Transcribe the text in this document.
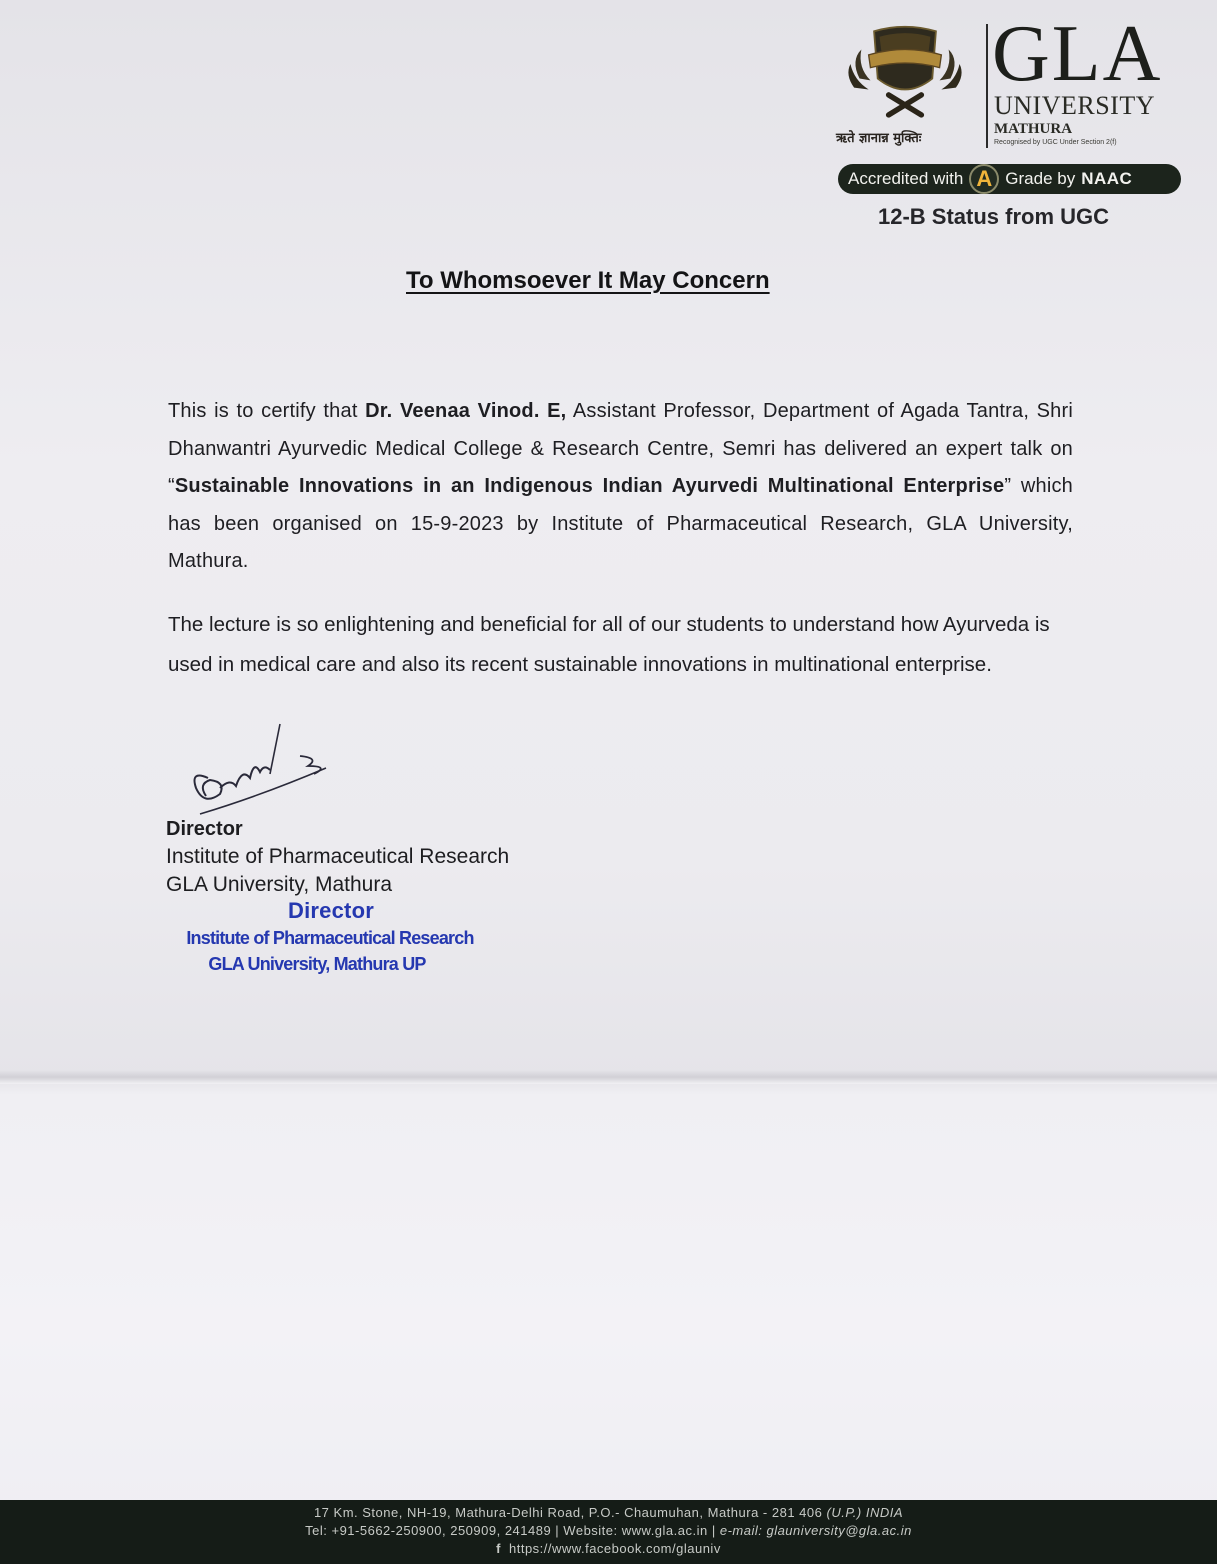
ऋते ज्ञानान्न मुक्तिः
GLA
UNIVERSITY
MATHURA
Recognised by UGC Under Section 2(f)
Accredited with A Grade by NAAC
12-B Status from UGC
To Whomsoever It May Concern
This is to certify that Dr. Veenaa Vinod. E, Assistant Professor, Department of Agada Tantra, Shri Dhanwantri Ayurvedic Medical College & Research Centre, Semri has delivered an expert talk on “Sustainable Innovations in an Indigenous Indian Ayurvedi Multinational Enterprise” which has been organised on 15-9-2023 by Institute of Pharmaceutical Research, GLA University, Mathura.
The lecture is so enlightening and beneficial for all of our students to understand how Ayurveda is used in medical care and also its recent sustainable innovations in multinational enterprise.
Director
Institute of Pharmaceutical Research
GLA University, Mathura
Director
Institute of Pharmaceutical Research
GLA University, Mathura UP
17 Km. Stone, NH-19, Mathura-Delhi Road, P.O.- Chaumuhan, Mathura - 281 406 (U.P.) INDIA
Tel: +91-5662-250900, 250909, 241489 | Website: www.gla.ac.in | e-mail: glauniversity@gla.ac.in
f https://www.facebook.com/glauniv
